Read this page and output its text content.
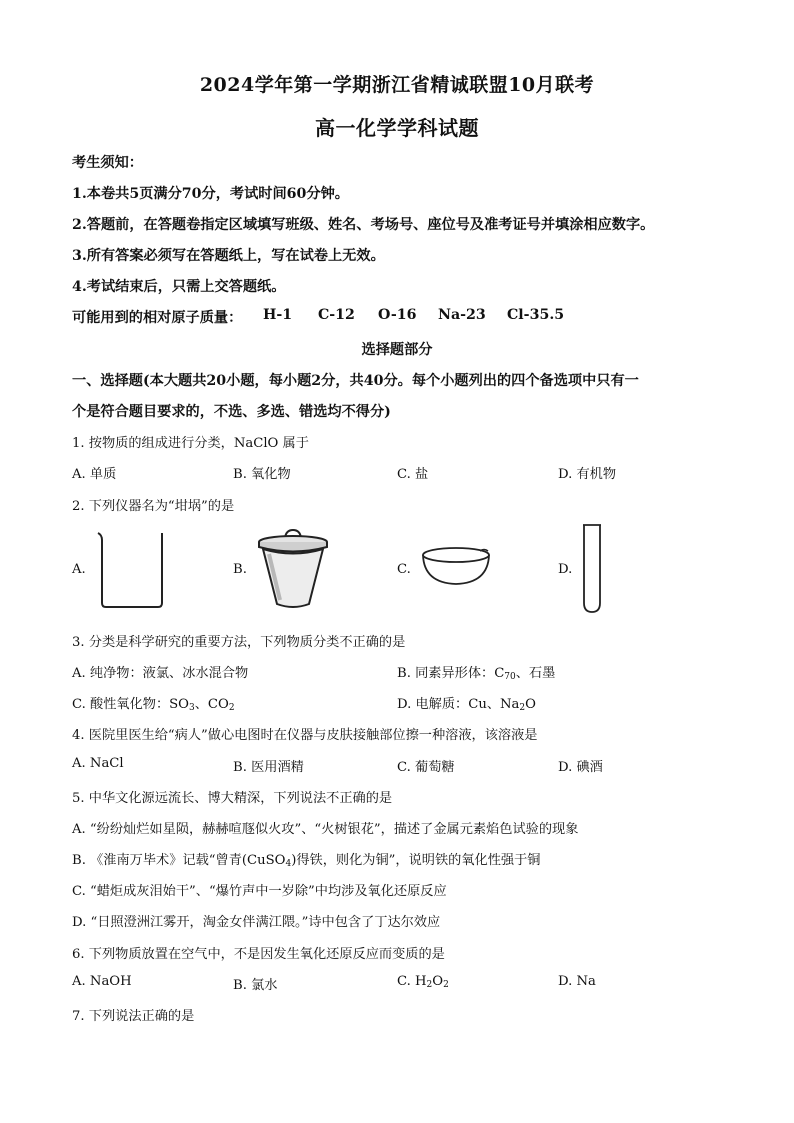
2024学年第一学期浙江省精诚联盟10月联考
高一化学学科试题
考生须知：
1.本卷共5页满分70分，考试时间60分钟。
2.答题前，在答题卷指定区域填写班级、姓名、考场号、座位号及准考证号并填涂相应数字。
3.所有答案必须写在答题纸上，写在试卷上无效。
4.考试结束后，只需上交答题纸。
可能用到的相对原子质量： H-1 C-12 O-16 Na-23 Cl-35.5
选择题部分
一、选择题(本大题共20小题，每小题2分，共40分。每个小题列出的四个备选项中只有一
个是符合题目要求的，不选、多选、错选均不得分)
1. 按物质的组成进行分类，NaClO 属于
A. 单质	B. 氧化物	C. 盐	D. 有机物
2. 下列仪器名为“坩埚”的是
A.	B.	C.	D.
3. 分类是科学研究的重要方法，下列物质分类不正确的是
A. 纯净物：液氯、冰水混合物	B. 同素异形体：$C_{70}$、石墨
C. 酸性氧化物：$SO_3$、$CO_2$	D. 电解质：Cu、$Na_2O$
4. 医院里医生给“病人”做心电图时在仪器与皮肤接触部位擦一种溶液，该溶液是
A. NaCl	B. 医用酒精	C. 葡萄糖	D. 碘酒
5. 中华文化源远流长、博大精深，下列说法不正确的是
A. “纷纷灿烂如星陨，赫赫喧豗似火攻”、“火树银花”，描述了金属元素焰色试验的现象
B. 《淮南万毕术》记载“曾青(CuSO$_4$)得铁，则化为铜”，说明铁的氧化性强于铜
C. “蜡炬成灰泪始干”、“爆竹声中一岁除”中均涉及氧化还原反应
D. “日照澄洲江雾开，淘金女伴满江隈。”诗中包含了丁达尔效应
6. 下列物质放置在空气中，不是因发生氧化还原反应而变质的是
A. NaOH	B. 氯水	C. $H_2O_2$	D. Na
7. 下列说法正确的是
